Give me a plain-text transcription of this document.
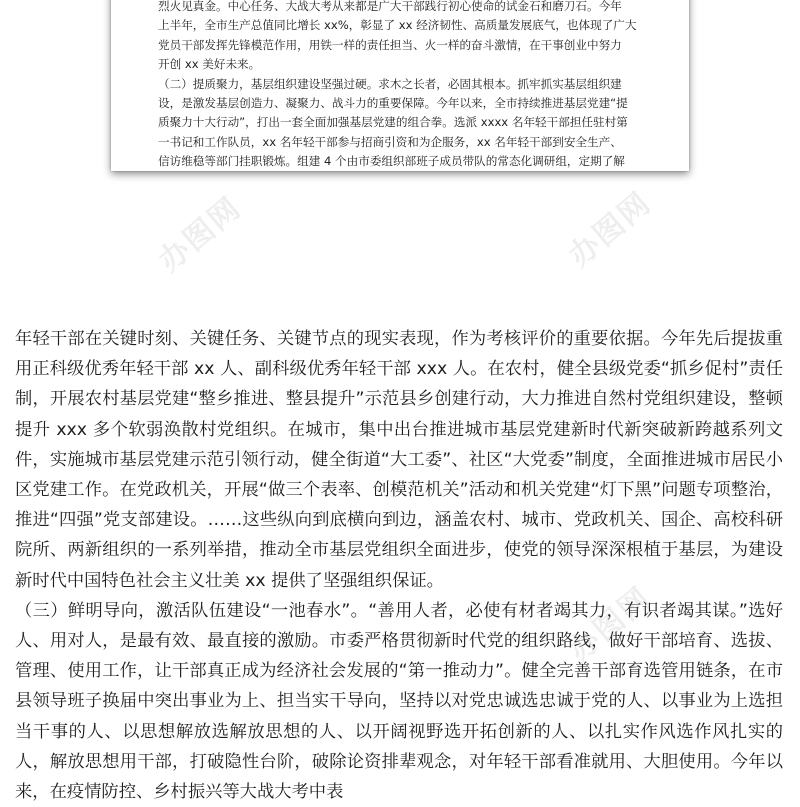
烈火见真金。中心任务、大战大考从来都是广大干部践行初心使命的试金石和磨刀石。今年

上半年，全市生产总值同比增长 xx%，彰显了 xx 经济韧性、高质量发展底气，也体现了广大

党员干部发挥先锋模范作用，用铁一样的责任担当、火一样的奋斗激情，在干事创业中努力

开创 xx 美好未来。

（二）提质聚力，基层组织建设坚强过硬。求木之长者，必固其根本。抓牢抓实基层组织建

设，是激发基层创造力、凝聚力、战斗力的重要保障。今年以来，全市持续推进基层党建“提

质聚力十大行动”，打出一套全面加强基层党建的组合拳。选派 xxxx 名年轻干部担任驻村第

一书记和工作队员，xx 名年轻干部参与招商引资和为企服务，xx 名年轻干部到安全生产、

信访维稳等部门挂职锻炼。组建 4 个由市委组织部班子成员带队的常态化调研组，定期了解

办图网	办图网

年轻干部在关键时刻、关键任务、关键节点的现实表现，作为考核评价的重要依据。今年先后提拔重用正科级优秀年轻干部 xx 人、副科级优秀年轻干部 xxx 人。在农村，健全县级党委“抓乡促村”责任制，开展农村基层党建“整乡推进、整县提升”示范县乡创建行动，大力推进自然村党组织建设，整顿提升 xxx 多个软弱涣散村党组织。在城市，集中出台推进城市基层党建新时代新突破新跨越系列文件，实施城市基层党建示范引领行动，健全街道“大工委”、社区“大党委”制度，全面推进城市居民小区党建工作。在党政机关，开展“做三个表率、创模范机关”活动和机关党建“灯下黑”问题专项整治，推进“四强”党支部建设。……这些纵向到底横向到边，涵盖农村、城市、党政机关、国企、高校科研院所、两新组织的一系列举措，推动全市基层党组织全面进步，使党的领导深深根植于基层，为建设新时代中国特色社会主义壮美 xx 提供了坚强组织保证。

（三）鲜明导向，激活队伍建设“一池春水”。“善用人者，必使有材者竭其力，有识者竭其谋。”选好人、用对人，是最有效、最直接的激励。市委严格贯彻新时代党的组织路线，做好干部培育、选拔、管理、使用工作，让干部真正成为经济社会发展的“第一推动力”。健全完善干部育选管用链条，在市县领导班子换届中突出事业为上、担当实干导向，坚持以对党忠诚选忠诚于党的人、以事业为上选担当干事的人、以思想解放选解放思想的人、以开阔视野选开拓创新的人、以扎实作风选作风扎实的人，解放思想用干部，打破隐性台阶，破除论资排辈观念，对年轻干部看准就用、大胆使用。今年以来，在疫情防控、乡村振兴等大战大考中表

办图网
